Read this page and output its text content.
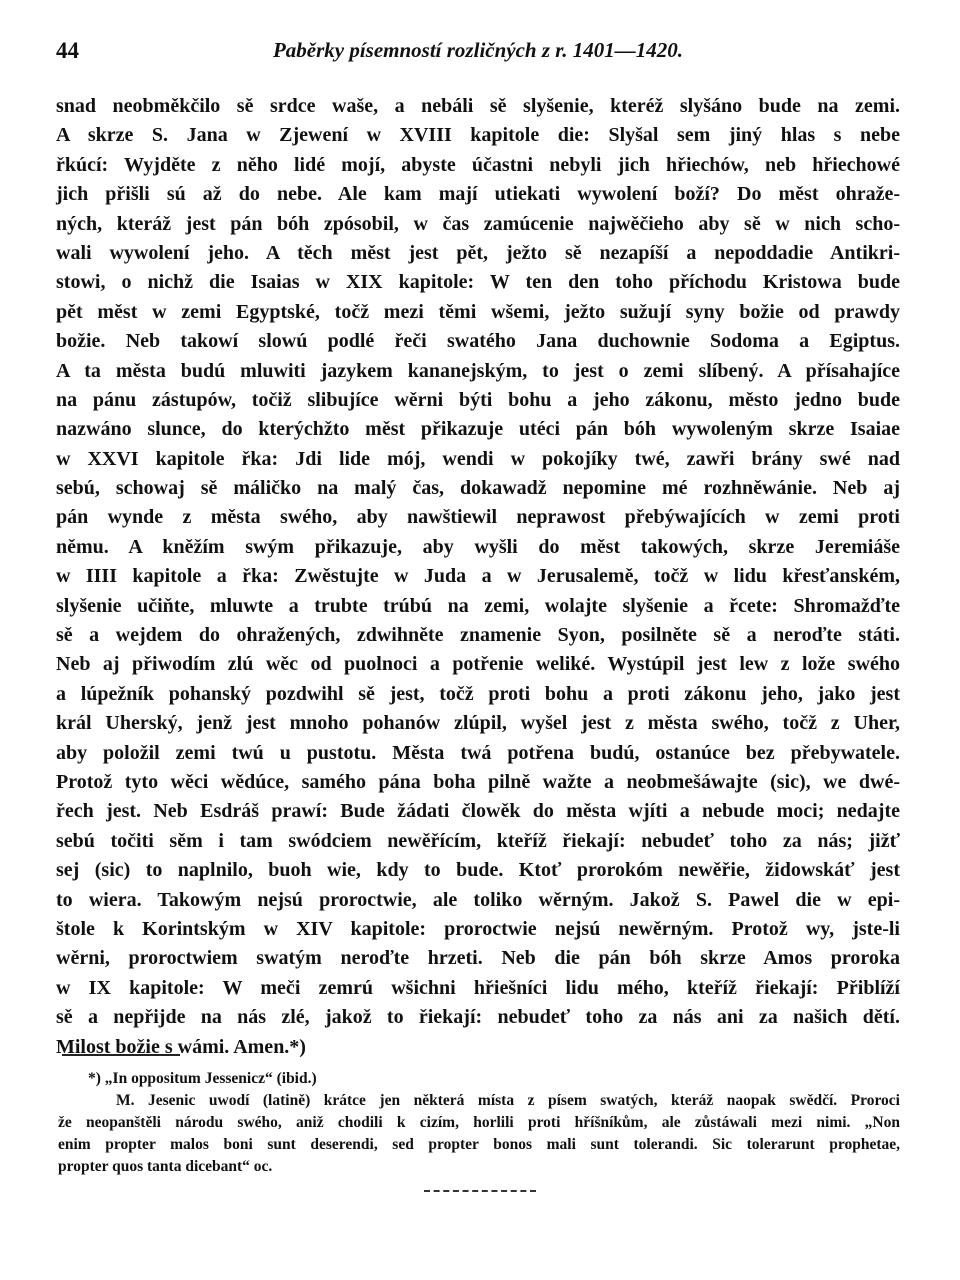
44	Paběrky písemností rozličných z r. 1401—1420.
snad neobměkčilo sě srdce waše, a nebáli sě slyšenie, kteréž slyšáno bude na zemi.
A skrze S. Jana w Zjewení w XVIII kapitole die: Slyšal sem jiný hlas s nebe
řkúcí: Wyjděte z něho lidé mojí, abyste účastni nebyli jich hřiechów, neb hřiechowé
jich přišli sú až do nebe. Ale kam mají utiekati wywolení boží? Do měst ohraže-
ných, kteráž jest pán bóh zpósobil, w čas zamúcenie najwěčieho aby sě w nich scho-
wali wywolení jeho. A těch měst jest pět, ježto sě nezapíší a nepoddadie Antikri-
stowi, o nichž die Isaias w XIX kapitole: W ten den toho příchodu Kristowa bude
pět měst w zemi Egyptské, točž mezi těmi wšemi, ježto sužují syny božie od prawdy
božie. Neb takowí slowú podlé řeči swatého Jana duchownie Sodoma a Egiptus.
A ta města budú mluwiti jazykem kananejským, to jest o zemi slíbený. A přísahajíce
na pánu zástupów, točiž slibujíce wěrni býti bohu a jeho zákonu, město jedno bude
nazwáno slunce, do kterýchžto měst přikazuje utéci pán bóh wywoleným skrze Isaiae
w XXVI kapitole řka: Jdi lide mój, wendi w pokojíky twé, zawři brány swé nad
sebú, schowaj sě máličko na malý čas, dokawadž nepomine mé rozhněwánie. Neb aj
pán wynde z města swého, aby nawštiewil neprawost přebýwajících w zemi proti
němu. A kněžím swým přikazuje, aby wyšli do měst takowých, skrze Jeremiáše
w IIII kapitole a řka: Zwěstujte w Juda a w Jerusalemě, točž w lidu křesťanském,
slyšenie učiňte, mluwte a trubte trúbú na zemi, wolajte slyšenie a řcete: Shromažďte
sě a wejdem do ohražených, zdwihněte znamenie Syon, posilněte sě a neroďte státi.
Neb aj přiwodím zlú wěc od puolnoci a potřenie weliké. Wystúpil jest lew z lože swého
a lúpežník pohanský pozdwihl sě jest, točž proti bohu a proti zákonu jeho, jako jest
král Uherský, jenž jest mnoho pohanów zlúpil, wyšel jest z města swého, točž z Uher,
aby položil zemi twú u pustotu. Města twá potřena budú, ostanúce bez přebywatele.
Protož tyto wěci wědúce, samého pána boha pilně wažte a neobmešáwajte (sic), we dwé-
řech jest. Neb Esdráš prawí: Bude žádati člowěk do města wjíti a nebude moci; nedajte
sebú točiti sěm i tam swódciem newěřícím, kteříž řiekají: nebudeť toho za nás; jižť
sej (sic) to naplnilo, buoh wie, kdy to bude. Ktoť prorokóm newěřie, židowskáť jest
to wiera. Takowým nejsú proroctwie, ale toliko wěrným. Jakož S. Pawel die w epi-
štole k Korintským w XIV kapitole: proroctwie nejsú newěrným. Protož wy, jste-li
wěrni, proroctwiem swatým neroďte hrzeti. Neb die pán bóh skrze Amos proroka
w IX kapitole: W meči zemrú wšichni hřiešníci lidu mého, kteříž řiekají: Přiblíží
sě a nepřijde na nás zlé, jakož to řiekají: nebudeť toho za nás ani za našich dětí.
Milost božie s wámi. Amen.*)
*) „In oppositum Jessenicz“ (ibid.)
M. Jesenic uwodí (latině) krátce jen některá místa z písem swatých, kteráž naopak swědčí. Proroci
že neopanštěli národu swého, aniž chodili k cizím, horlili proti hříšníkům, ale zůstáwali mezi nimi. „Non
enim propter malos boni sunt deserendi, sed propter bonos mali sunt tolerandi. Sic tolerarunt prophetae,
propter quos tanta dicebant“ oc.
